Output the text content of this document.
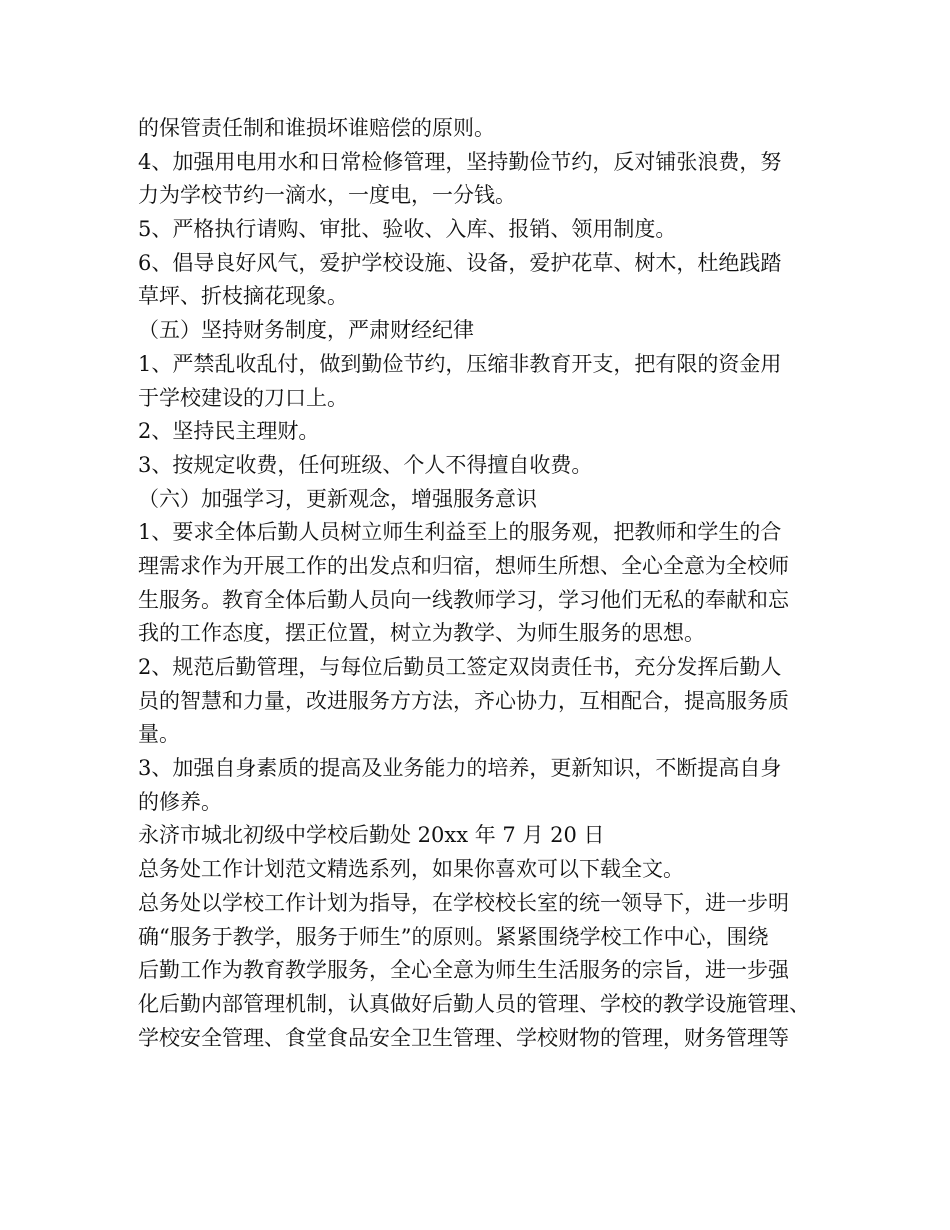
的保管责任制和谁损坏谁赔偿的原则。
4、加强用电用水和日常检修管理，坚持勤俭节约，反对铺张浪费，努
力为学校节约一滴水，一度电，一分钱。
5、严格执行请购、审批、验收、入库、报销、领用制度。
6、倡导良好风气，爱护学校设施、设备，爱护花草、树木，杜绝践踏
草坪、折枝摘花现象。
（五）坚持财务制度，严肃财经纪律
1、严禁乱收乱付，做到勤俭节约，压缩非教育开支，把有限的资金用
于学校建设的刀口上。
2、坚持民主理财。
3、按规定收费，任何班级、个人不得擅自收费。
（六）加强学习，更新观念，增强服务意识
1、要求全体后勤人员树立师生利益至上的服务观，把教师和学生的合
理需求作为开展工作的出发点和归宿，想师生所想、全心全意为全校师
生服务。教育全体后勤人员向一线教师学习，学习他们无私的奉献和忘
我的工作态度，摆正位置，树立为教学、为师生服务的思想。
2、规范后勤管理，与每位后勤员工签定双岗责任书，充分发挥后勤人
员的智慧和力量，改进服务方方法，齐心协力，互相配合，提高服务质
量。
3、加强自身素质的提高及业务能力的培养，更新知识，不断提高自身
的修养。
永济市城北初级中学校后勤处 20xx 年 7 月 20 日
总务处工作计划范文精选系列，如果你喜欢可以下载全文。
总务处以学校工作计划为指导，在学校校长室的统一领导下，进一步明
确“服务于教学，服务于师生”的原则。紧紧围绕学校工作中心，围绕
后勤工作为教育教学服务，全心全意为师生生活服务的宗旨，进一步强
化后勤内部管理机制，认真做好后勤人员的管理、学校的教学设施管理、
学校安全管理、食堂食品安全卫生管理、学校财物的管理，财务管理等
